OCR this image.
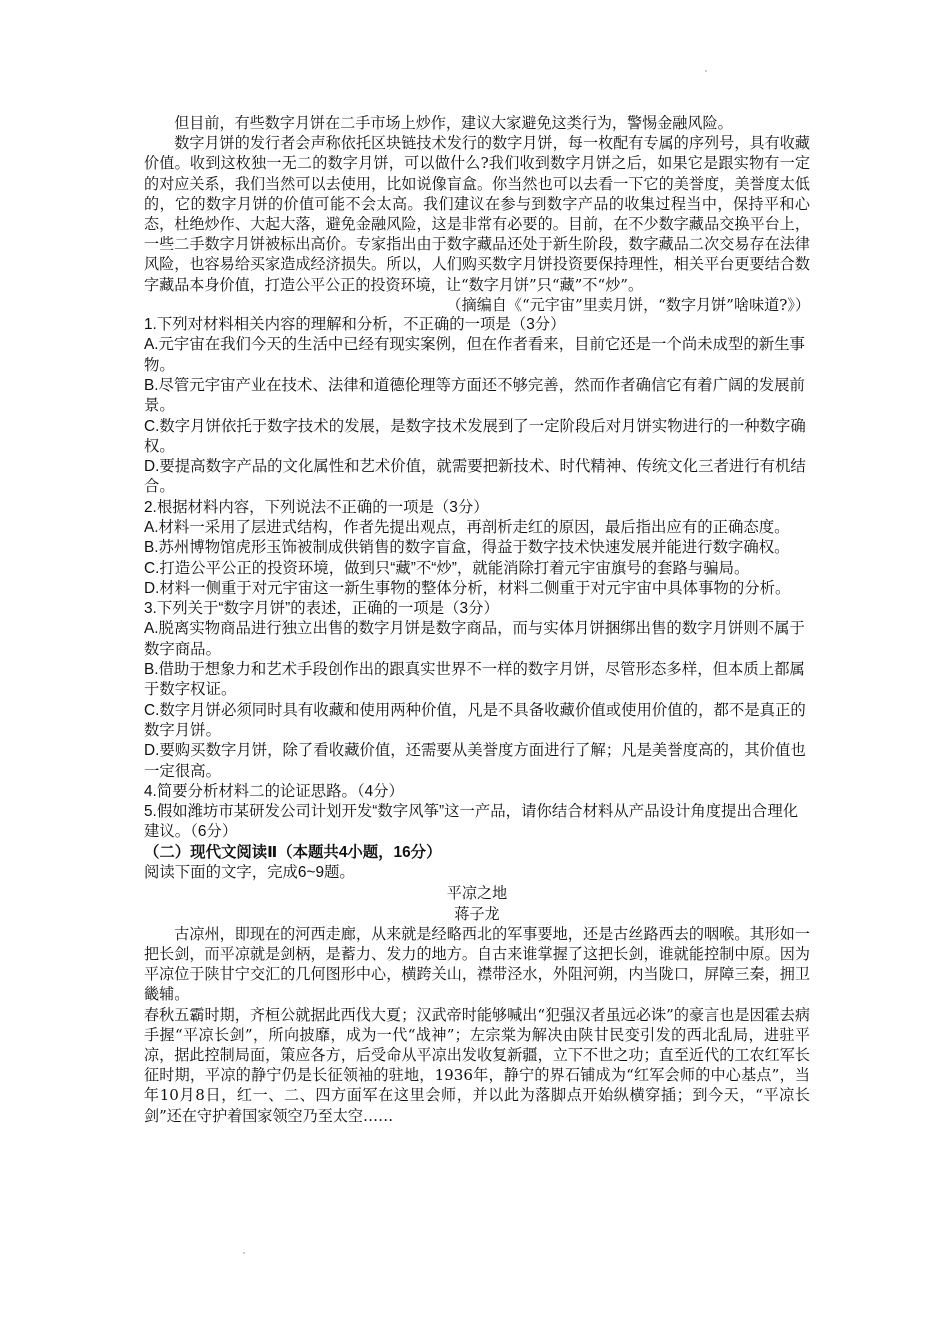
但目前，有些数字月饼在二手市场上炒作，建议大家避免这类行为，警惕金融风险。

数字月饼的发行者会声称依托区块链技术发行的数字月饼，每一枚配有专属的序列号，具有收藏价值。收到这枚独一无二的数字月饼，可以做什么?我们收到数字月饼之后，如果它是跟实物有一定的对应关系，我们当然可以去使用，比如说像盲盒。你当然也可以去看一下它的美誉度，美誉度太低的，它的数字月饼的价值可能不会太高。我们建议在参与到数字产品的收集过程当中，保持平和心态，杜绝炒作、大起大落，避免金融风险，这是非常有必要的。目前，在不少数字藏品交换平台上，一些二手数字月饼被标出高价。专家指出由于数字藏品还处于新生阶段，数字藏品二次交易存在法律风险，也容易给买家造成经济损失。所以，人们购买数字月饼投资要保持理性，相关平台更要结合数字藏品本身价值，打造公平公正的投资环境，让“数字月饼”只“藏”不“炒”。

（摘编自《“元宇宙”里卖月饼，“数字月饼”啥味道?》）

1.下列对材料相关内容的理解和分析，不正确的一项是（3分）

A.元宇宙在我们今天的生活中已经有现实案例，但在作者看来，目前它还是一个尚未成型的新生事物。

B.尽管元宇宙产业在技术、法律和道德伦理等方面还不够完善，然而作者确信它有着广阔的发展前景。

C.数字月饼依托于数字技术的发展，是数字技术发展到了一定阶段后对月饼实物进行的一种数字确权。

D.要提高数字产品的文化属性和艺术价值，就需要把新技术、时代精神、传统文化三者进行有机结合。

2.根据材料内容，下列说法不正确的一项是（3分）

A.材料一采用了层进式结构，作者先提出观点，再剖析走红的原因，最后指出应有的正确态度。

B.苏州博物馆虎形玉饰被制成供销售的数字盲盒，得益于数字技术快速发展并能进行数字确权。

C.打造公平公正的投资环境，做到只“藏”不“炒”，就能消除打着元宇宙旗号的套路与骗局。

D.材料一侧重于对元宇宙这一新生事物的整体分析，材料二侧重于对元宇宙中具体事物的分析。

3.下列关于“数字月饼”的表述，正确的一项是（3分）

A.脱离实物商品进行独立出售的数字月饼是数字商品，而与实体月饼捆绑出售的数字月饼则不属于数字商品。

B.借助于想象力和艺术手段创作出的跟真实世界不一样的数字月饼，尽管形态多样，但本质上都属于数字权证。

C.数字月饼必须同时具有收藏和使用两种价值，凡是不具备收藏价值或使用价值的，都不是真正的数字月饼。

D.要购买数字月饼，除了看收藏价值，还需要从美誉度方面进行了解；凡是美誉度高的，其价值也一定很高。

4.简要分析材料二的论证思路。（4分）

5.假如潍坊市某研发公司计划开发“数字风筝”这一产品，请你结合材料从产品设计角度提出合理化建议。（6分）

（二）现代文阅读Ⅱ（本题共4小题，16分）

阅读下面的文字，完成6~9题。

平凉之地

蒋子龙

古凉州，即现在的河西走廊，从来就是经略西北的军事要地，还是古丝路西去的咽喉。其形如一把长剑，而平凉就是剑柄，是蓄力、发力的地方。自古来谁掌握了这把长剑，谁就能控制中原。因为平凉位于陕甘宁交汇的几何图形中心，横跨关山，襟带泾水，外阻河朔，内当陇口，屏障三秦，拥卫畿辅。

春秋五霸时期，齐桓公就据此西伐大夏；汉武帝时能够喊出“犯强汉者虽远必诛”的豪言也是因霍去病手握“平凉长剑”，所向披靡，成为一代“战神”；左宗棠为解决由陕甘民变引发的西北乱局，进驻平凉，据此控制局面，策应各方，后受命从平凉出发收复新疆，立下不世之功；直至近代的工农红军长征时期，平凉的静宁仍是长征领袖的驻地，1936年，静宁的界石铺成为“红军会师的中心基点”，当年10月8日，红一、二、四方面军在这里会师，并以此为落脚点开始纵横穿插；到今天，“平凉长剑”还在守护着国家领空乃至太空……
